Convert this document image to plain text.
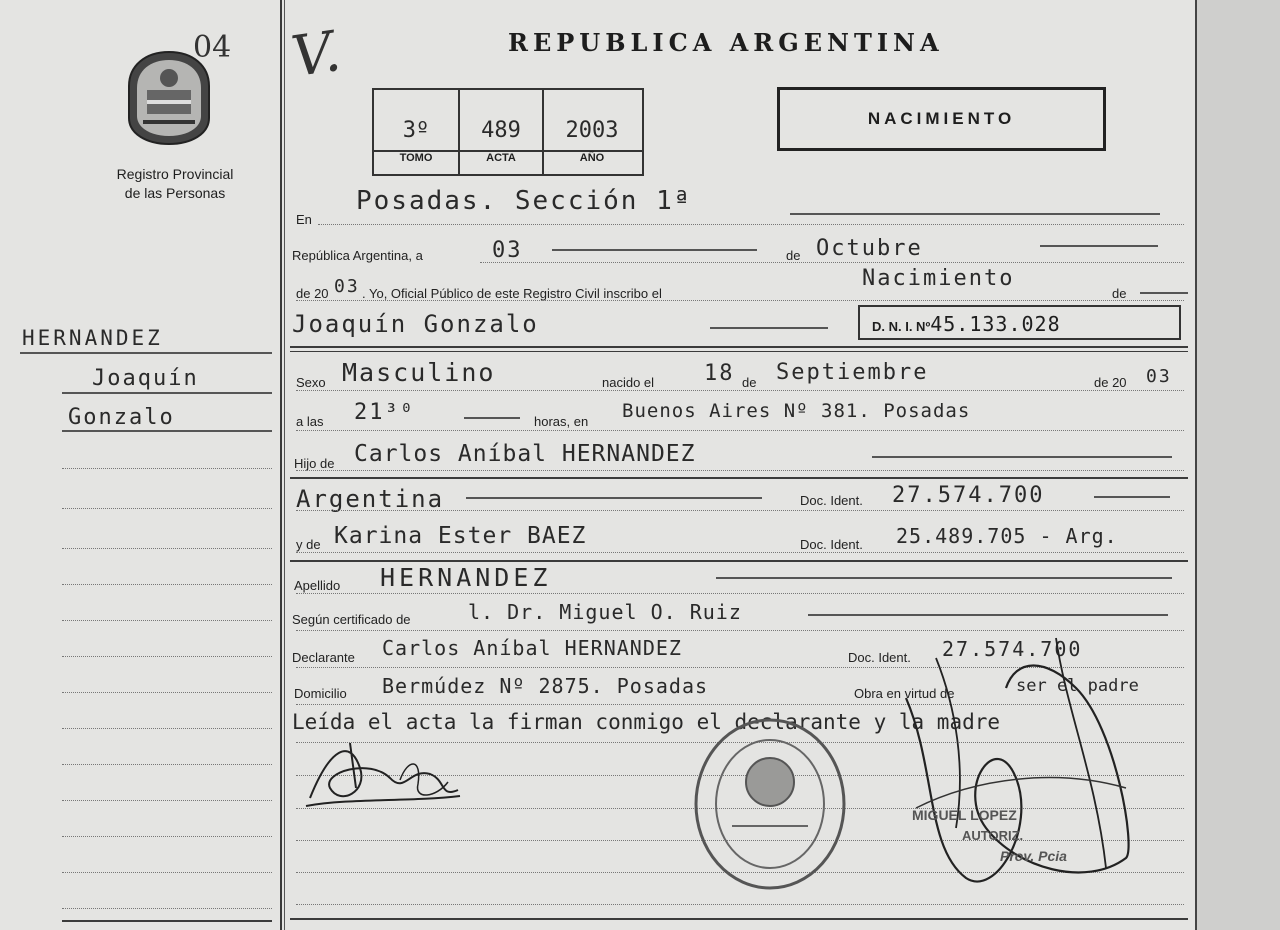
04
Registro Provincial
de las Personas
V.	REPUBLICA ARGENTINA
3º
TOMO
489
ACTA
2003
AÑO
NACIMIENTO
HERNANDEZ
Joaquín
Gonzalo
En
Posadas. Sección 1ª
República Argentina, a	03	de Octubre
de 20 03 . Yo, Oficial Público de este Registro Civil inscribo el
Nacimiento
de
Joaquín Gonzalo	D. N. I. Nº45.133.028
Sexo Masculino	nacido el 18 de Septiembre	de 20 03
a las 21³⁰	horas, en Buenos Aires Nº 381. Posadas
Hijo de Carlos Aníbal HERNANDEZ
Argentina	Doc. Ident. 27.574.700
y de Karina Ester BAEZ	Doc. Ident. 25.489.705 - Arg.
Apellido HERNANDEZ
Según certificado de	l. Dr. Miguel O. Ruiz
Declarante Carlos Aníbal HERNANDEZ	Doc. Ident. 27.574.700
Domicilio Bermúdez Nº 2875. Posadas	Obra en virtud de	ser el padre
Leída el acta la firman conmigo el declarante y la madre
MIGUEL LOPEZ
AUTORIZ.
Prov. Pcia
